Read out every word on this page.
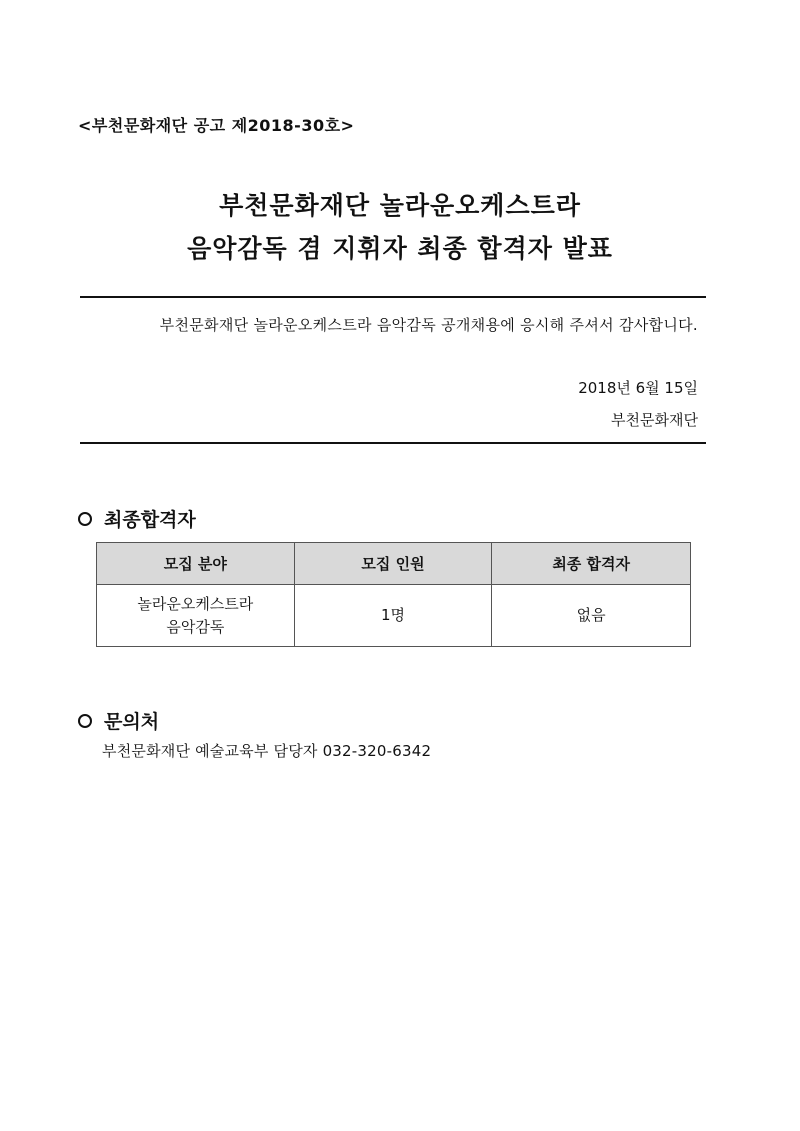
<부천문화재단 공고 제2018-30호>
부천문화재단 놀라운오케스트라
음악감독 겸 지휘자 최종 합격자 발표
부천문화재단 놀라운오케스트라 음악감독 공개채용에 응시해 주셔서 감사합니다.
2018년 6월 15일
부천문화재단
최종합격자
모집 분야	모집 인원	최종 합격자

놀라운오케스트라
음악감독	1명	없음
문의처
부천문화재단 예술교육부 담당자 032-320-6342
